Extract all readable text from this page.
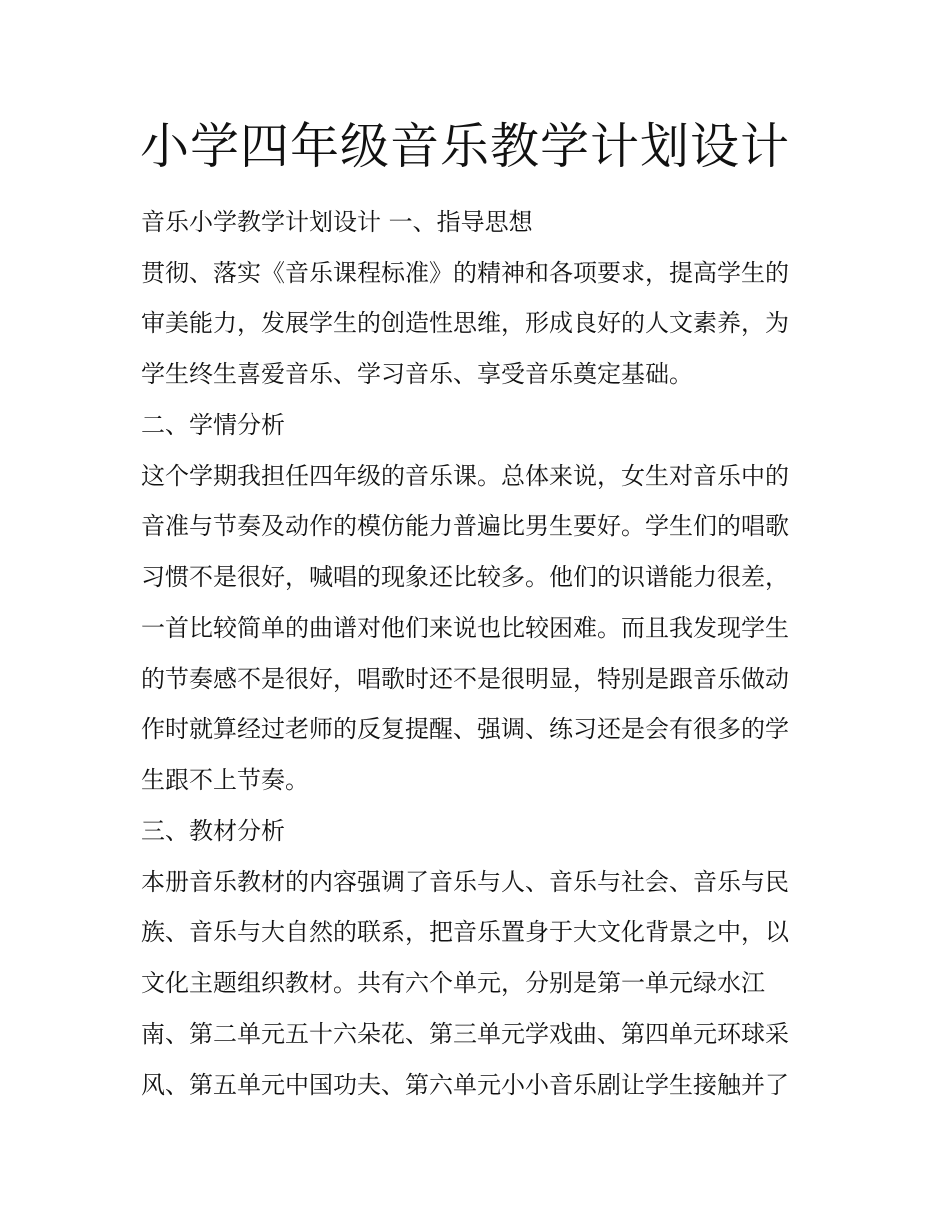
小学四年级音乐教学计划设计

音乐小学教学计划设计 一、指导思想

贯彻、落实《音乐课程标准》的精神和各项要求，提高学生的

审美能力，发展学生的创造性思维，形成良好的人文素养，为

学生终生喜爱音乐、学习音乐、享受音乐奠定基础。

二、学情分析

这个学期我担任四年级的音乐课。总体来说，女生对音乐中的

音准与节奏及动作的模仿能力普遍比男生要好。学生们的唱歌

习惯不是很好，喊唱的现象还比较多。他们的识谱能力很差，

一首比较简单的曲谱对他们来说也比较困难。而且我发现学生

的节奏感不是很好，唱歌时还不是很明显，特别是跟音乐做动

作时就算经过老师的反复提醒、强调、练习还是会有很多的学

生跟不上节奏。

三、教材分析

本册音乐教材的内容强调了音乐与人、音乐与社会、音乐与民

族、音乐与大自然的联系，把音乐置身于大文化背景之中，以

文化主题组织教材。共有六个单元，分别是第一单元绿水江

南、第二单元五十六朵花、第三单元学戏曲、第四单元环球采

风、第五单元中国功夫、第六单元小小音乐剧让学生接触并了
